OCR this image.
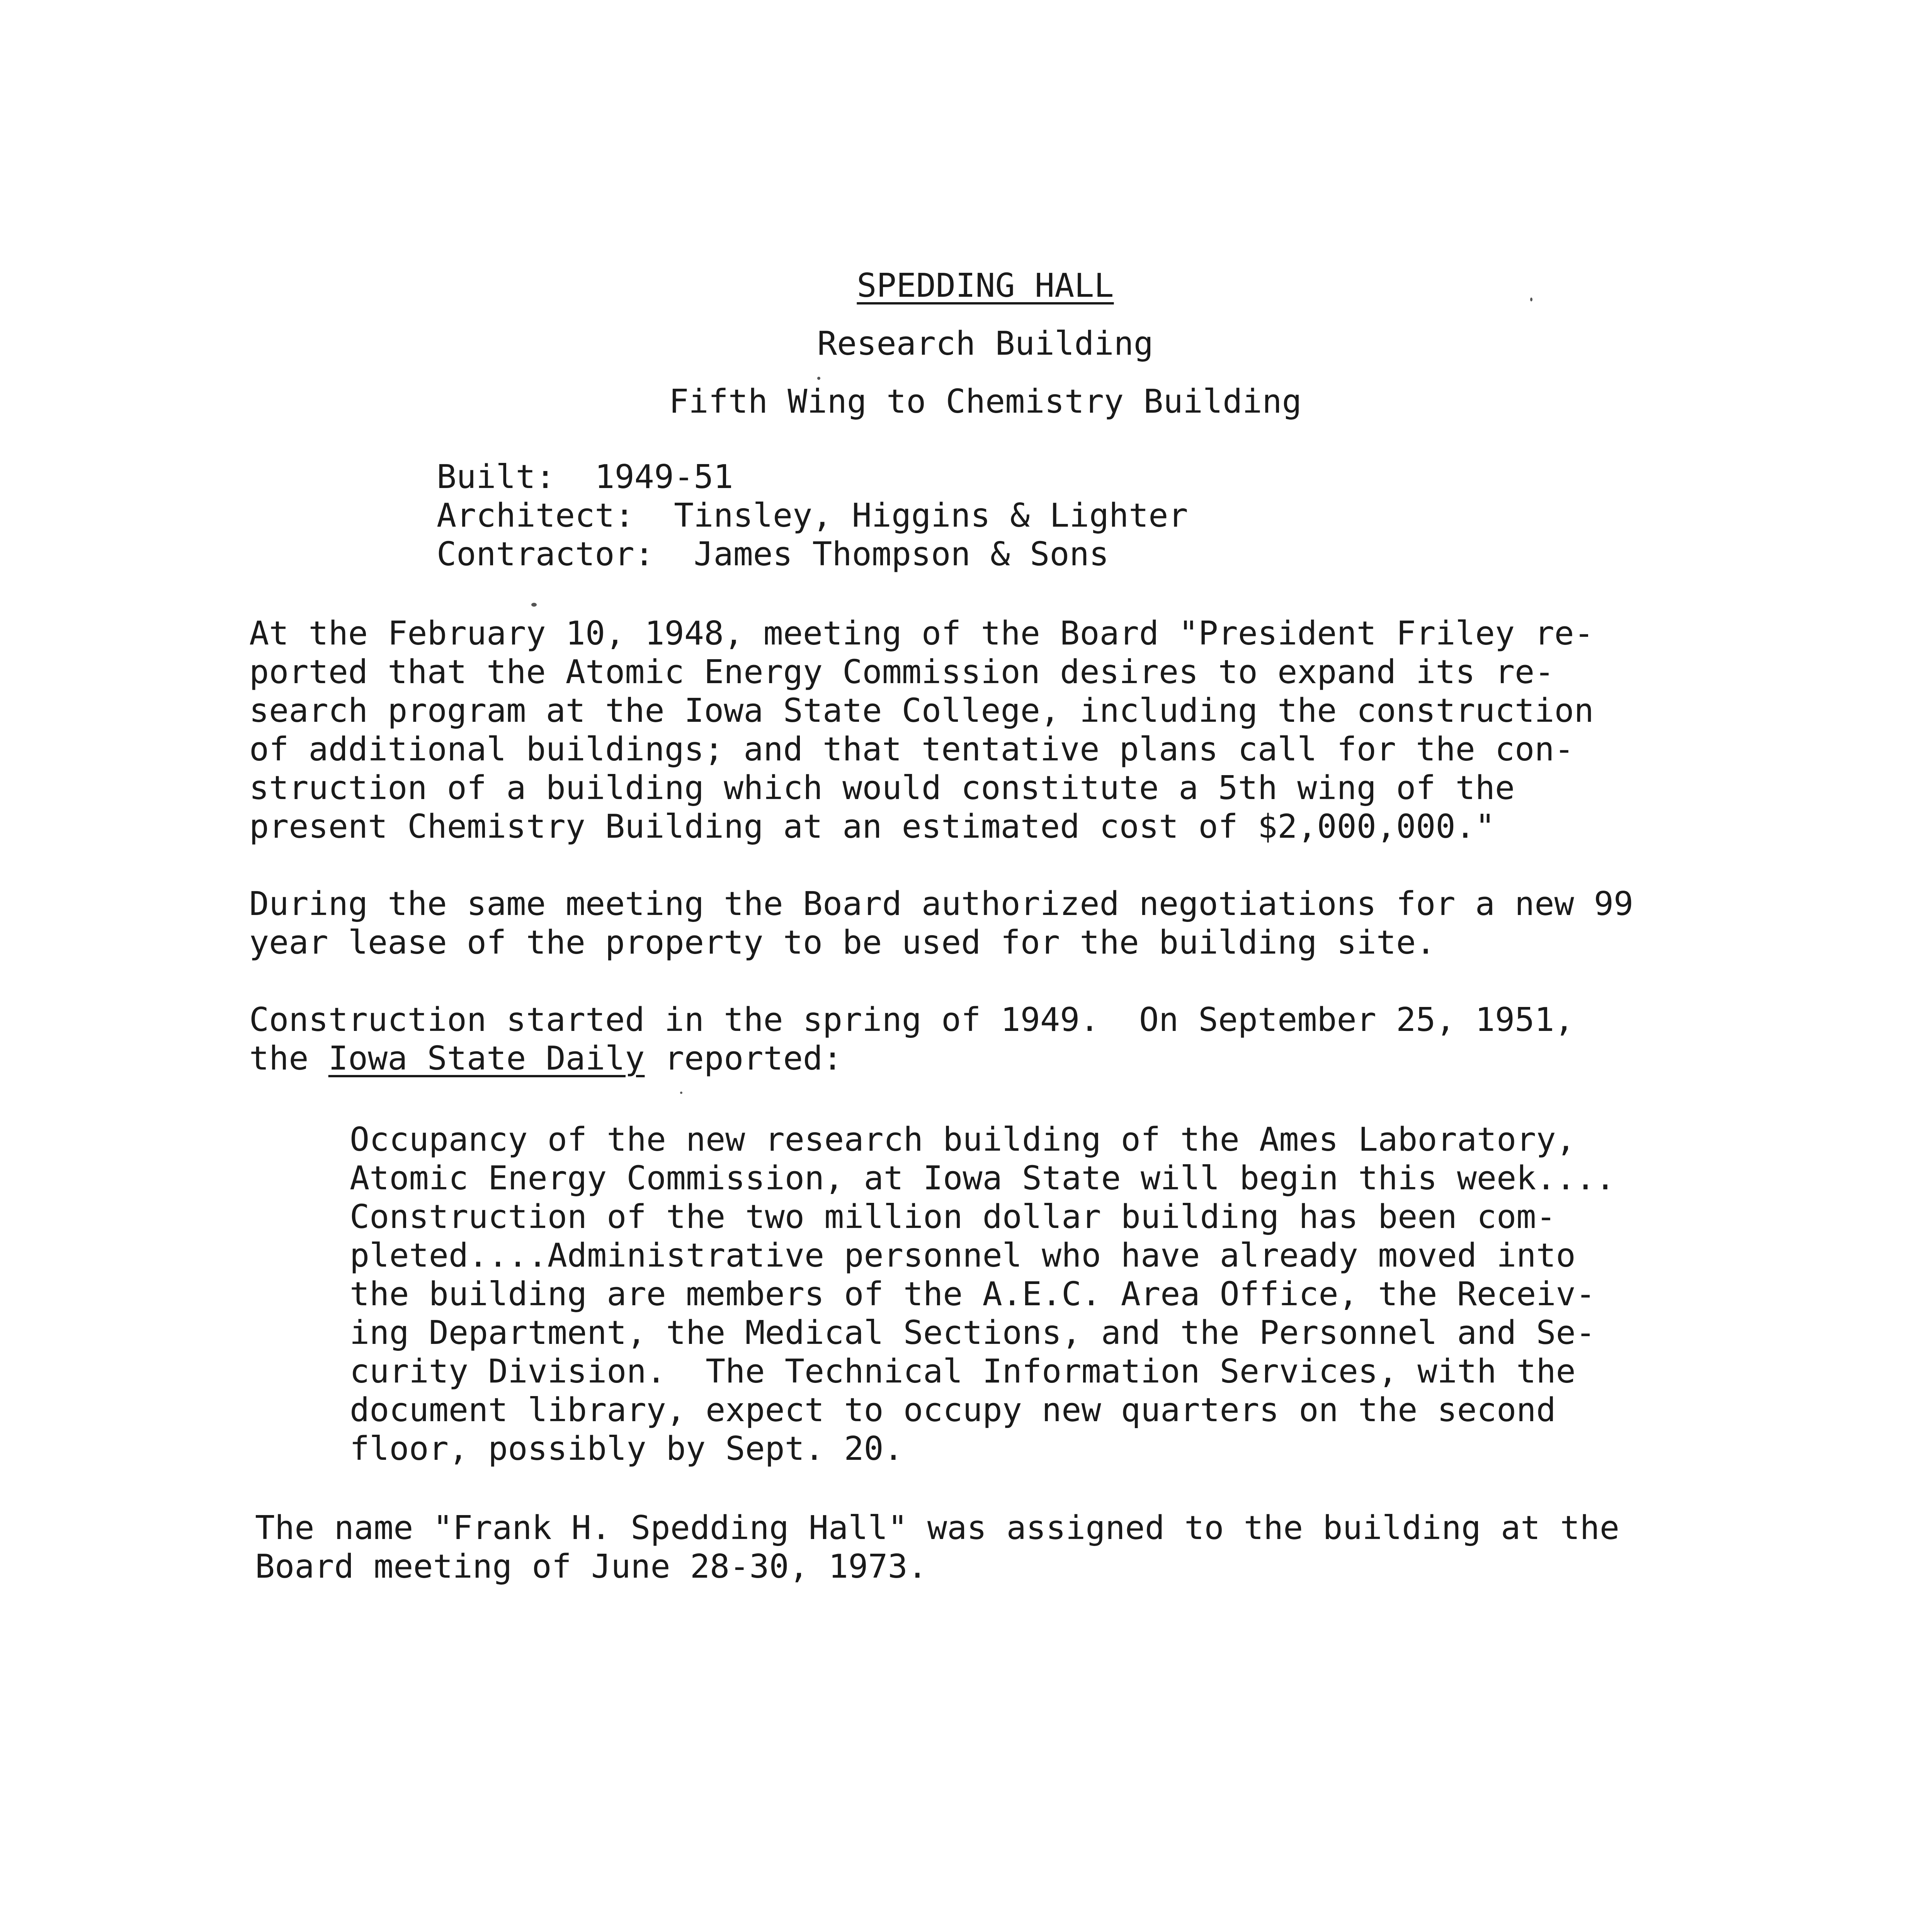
SPEDDING HALL
Research Building
Fifth Wing to Chemistry Building
Built:  1949-51
Architect:  Tinsley, Higgins & Lighter
Contractor:  James Thompson & Sons
At the February 10, 1948, meeting of the Board "President Friley re-
ported that the Atomic Energy Commission desires to expand its re-
search program at the Iowa State College, including the construction
of additional buildings; and that tentative plans call for the con-
struction of a building which would constitute a 5th wing of the
present Chemistry Building at an estimated cost of $2,000,000."
During the same meeting the Board authorized negotiations for a new 99
year lease of the property to be used for the building site.
Construction started in the spring of 1949.  On September 25, 1951,
the Iowa State Daily reported:
Occupancy of the new research building of the Ames Laboratory,
Atomic Energy Commission, at Iowa State will begin this week....
Construction of the two million dollar building has been com-
pleted....Administrative personnel who have already moved into
the building are members of the A.E.C. Area Office, the Receiv-
ing Department, the Medical Sections, and the Personnel and Se-
curity Division.  The Technical Information Services, with the
document library, expect to occupy new quarters on the second
floor, possibly by Sept. 20.
The name "Frank H. Spedding Hall" was assigned to the building at the
Board meeting of June 28-30, 1973.
